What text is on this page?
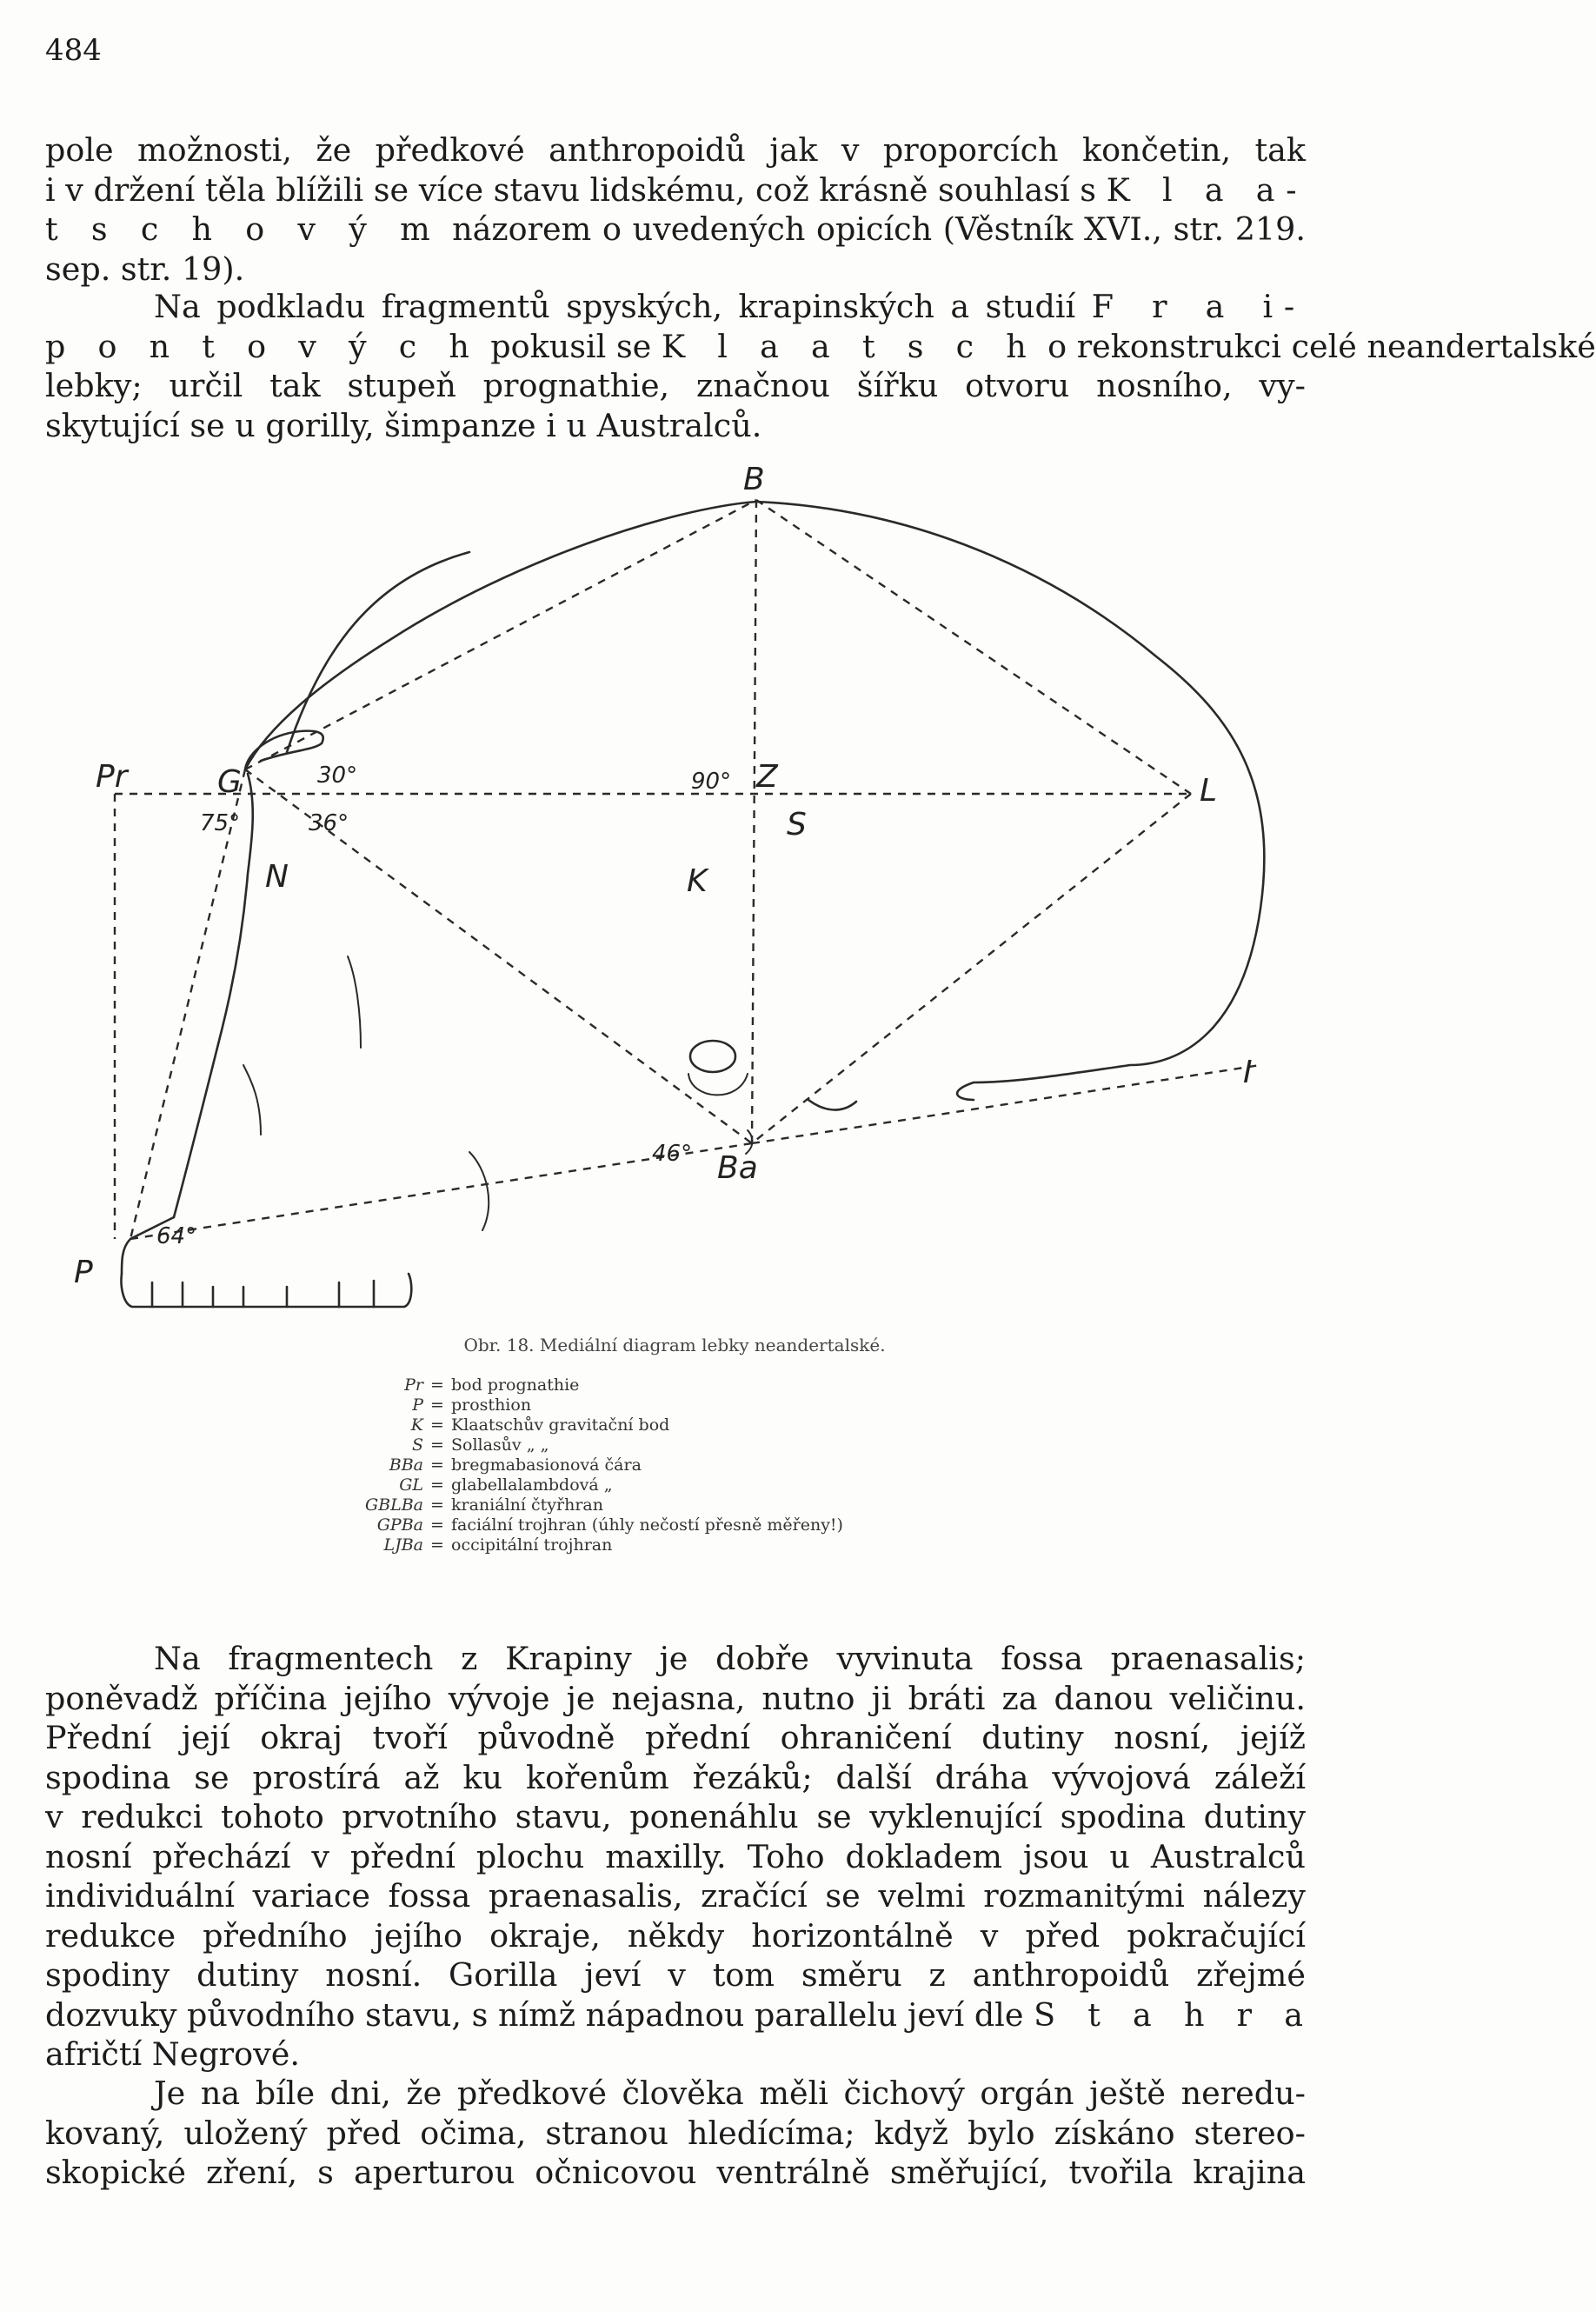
484

pole možnosti, že předkové anthropoidů jak v proporcích končetin, tak
i v držení těla blížili se více stavu lidskému, což krásně souhlasí s K l a a-
t s c h o v ý m názorem o uvedených opicích (Věstník XVI., str. 219.
sep. str. 19).

Na podkladu fragmentů spyských, krapinských a studií F r a i-
p o n t o v ý c h pokusil se K l a a t s c h o rekonstrukci celé neandertalské
lebky; určil tak stupeň prognathie, značnou šířku otvoru nosního, vy-
skytující se u gorilly, šimpanze i u Australců.

B
Pr	G	Z	L
S
N	K
I
Ba
P
30°
75°	36°
90°
46°
64°
Obr. 18. Mediální diagram lebky neandertalské.
Pr = bod prognathie
P = prosthion
K = Klaatschův gravitační bod
S = Sollasův „ „
BBa = bregmabasionová čára
GL = glabellalambdová „
GBLBa = kraniální čtyřhran
GPBa = faciální trojhran (úhly nečostí přesně měřeny!)
LJBa = occipitální trojhran

Na fragmentech z Krapiny je dobře vyvinuta fossa praenasalis;
poněvadž příčina jejího vývoje je nejasna, nutno ji bráti za danou veličinu.
Přední její okraj tvoří původně přední ohraničení dutiny nosní, jejíž
spodina se prostírá až ku kořenům řezáků; další dráha vývojová záleží
v redukci tohoto prvotního stavu, ponenáhlu se vyklenující spodina dutiny
nosní přechází v přední plochu maxilly. Toho dokladem jsou u Australců
individuální variace fossa praenasalis, zračící se velmi rozmanitými nálezy
redukce předního jejího okraje, někdy horizontálně v před pokračující
spodiny dutiny nosní. Gorilla jeví v tom směru z anthropoidů zřejmé
dozvuky původního stavu, s nímž nápadnou parallelu jeví dle S t a h r a
afričtí Negrové.

Je na bíle dni, že předkové člověka měli čichový orgán ještě neredu-
kovaný, uložený před očima, stranou hledícíma; když bylo získáno stereo-
skopické zření, s aperturou očnicovou ventrálně směřující, tvořila krajina
